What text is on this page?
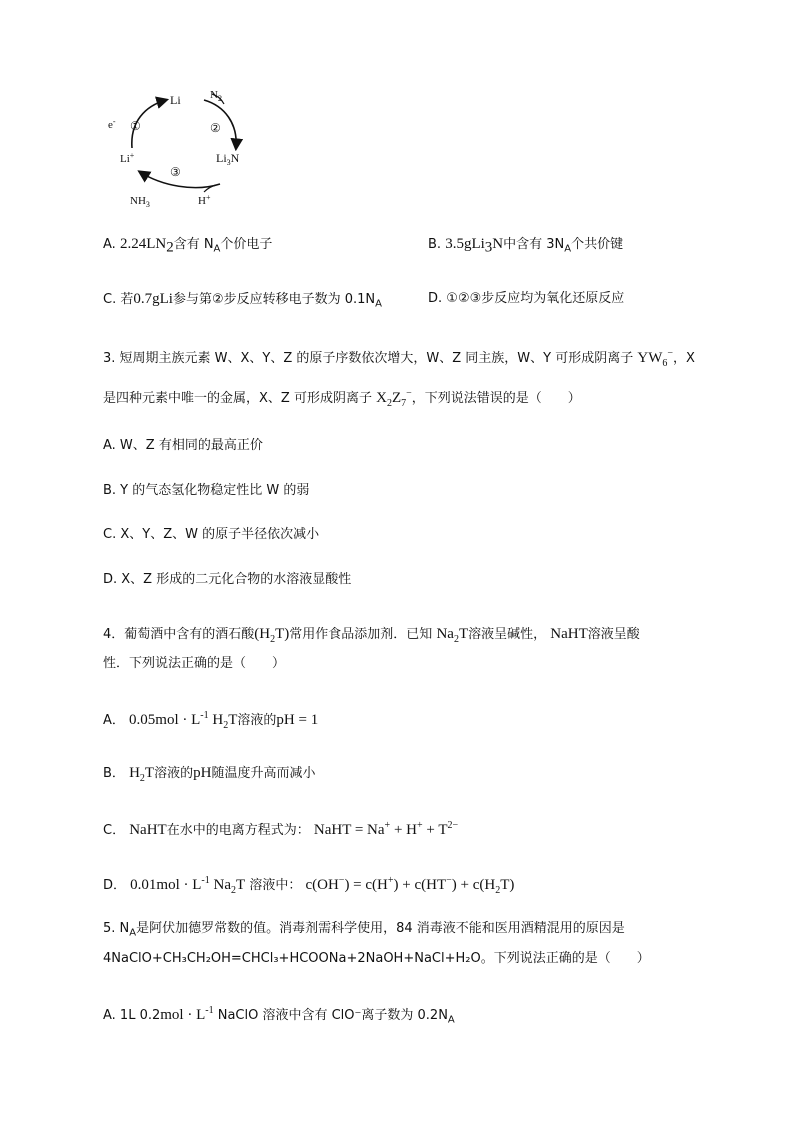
Li	$N_2$
e- ①	②
③
Li+	$Li_3N$
$NH_3$	H+
A. $2.24LN_2$含有 $N_A$个价电子	B. 3.5gLi$_3$N中含有 $3N_A$个共价键
C. 若0.7gLi参与第②步反应转移电子数为 $0.1N_A$	D. ①②③步反应均为氧化还原反应
3. 短周期主族元素 W、X、Y、Z 的原子序数依次增大，W、Z 同主族，W、Y 可形成阴离子 $YW_6^-$，X
是四种元素中唯一的金属，X、Z 可形成阴离子 $X_2Z_7^-$，下列说法错误的是（　　）
A. W、Z 有相同的最高正价
B. Y 的气态氢化物稳定性比 W 的弱
C. X、Y、Z、W 的原子半径依次减小
D. X、Z 形成的二元化合物的水溶液显酸性
4．葡萄酒中含有的酒石酸$(H_2T)$常用作食品添加剂．已知 $Na_2T$溶液呈碱性， NaHT溶液呈酸
性．下列说法正确的是（　　）
A． $0.05mol \cdot L^{-1}$ $H_2T$溶液的pH = 1
B． $H_2T$溶液的pH随温度升高而减小
C． NaHT在水中的电离方程式为： NaHT = $Na^+ + H^+ + T^{2-}$
D． $0.01mol \cdot L^{-1}$ $Na_2T$ 溶液中： $c(OH^-) = c(H^+) + c(HT^-) + c(H_2T)$
5. $N_A$是阿伏加德罗常数的值。消毒剂需科学使用，84 消毒液不能和医用酒精混用的原因是
4NaClO+CH₃CH₂OH=CHCl₃+HCOONa+2NaOH+NaCl+H₂O。下列说法正确的是（　　）
A. 1L $0.2mol \cdot L^{-1}$ NaClO 溶液中含有 ClO⁻离子数为 $0.2N_A$
